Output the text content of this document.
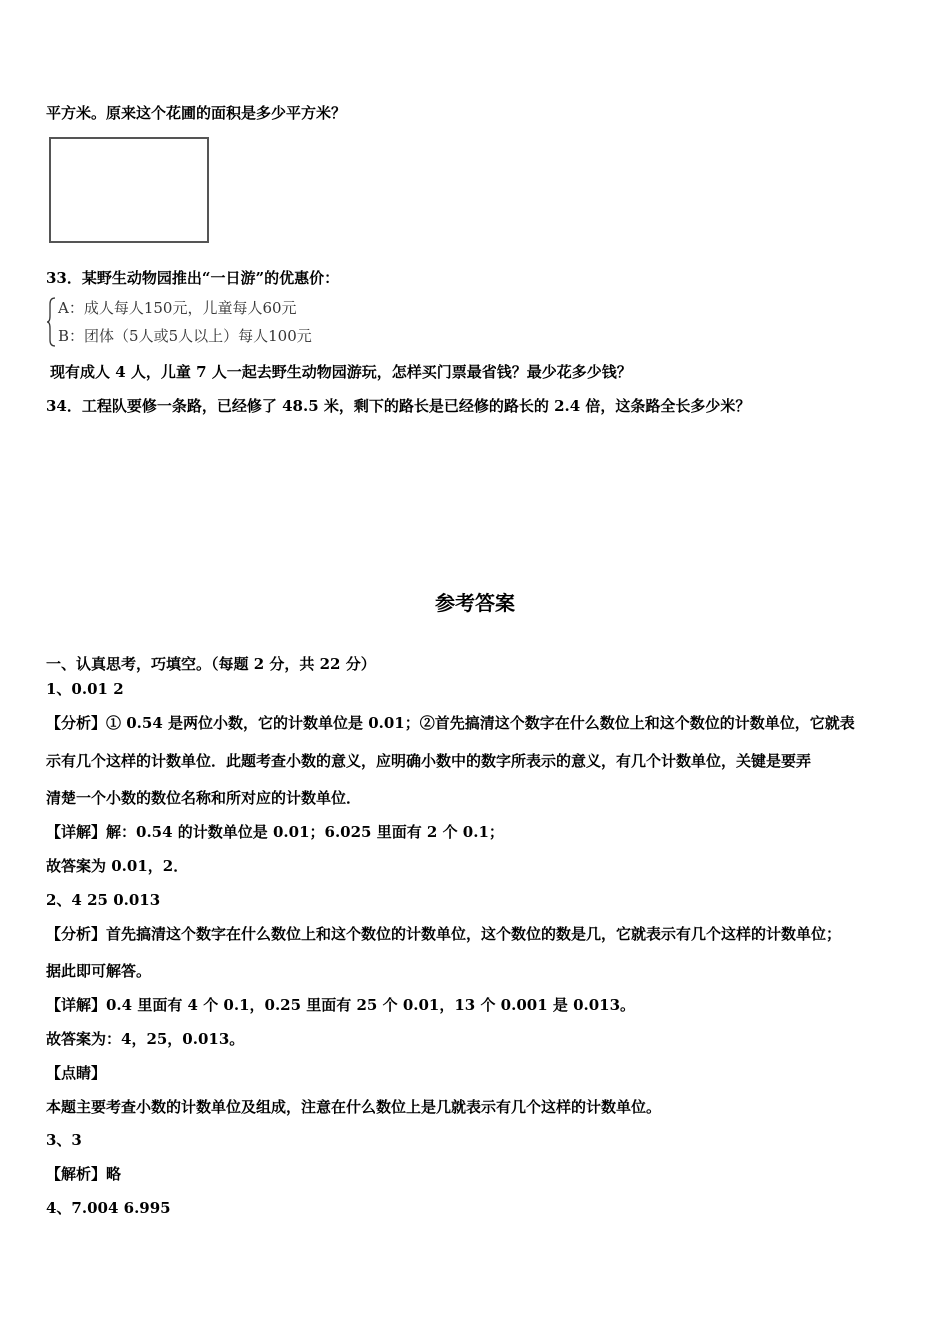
平方米。原来这个花圃的面积是多少平方米？
33．某野生动物园推出“一日游”的优惠价：
A：成人每人150元，儿童每人60元
B：团体（5人或5人以上）每人100元
现有成人 4 人，儿童 7 人一起去野生动物园游玩，怎样买门票最省钱？最少花多少钱？
34．工程队要修一条路，已经修了 48.5 米，剩下的路长是已经修的路长的 2.4 倍，这条路全长多少米？
参考答案
一、认真思考，巧填空。（每题 2 分，共 22 分）
1、0.01 2
【分析】① 0.54 是两位小数，它的计数单位是 0.01；②首先搞清这个数字在什么数位上和这个数位的计数单位，它就表
示有几个这样的计数单位．此题考查小数的意义，应明确小数中的数字所表示的意义，有几个计数单位，关键是要弄
清楚一个小数的数位名称和所对应的计数单位．
【详解】解：0.54 的计数单位是 0.01；6.025 里面有 2 个 0.1；
故答案为 0.01，2．
2、4 25 0.013
【分析】首先搞清这个数字在什么数位上和这个数位的计数单位，这个数位的数是几，它就表示有几个这样的计数单位；
据此即可解答。
【详解】0.4 里面有 4 个 0.1，0.25 里面有 25 个 0.01，13 个 0.001 是 0.013。
故答案为：4，25，0.013。
【点睛】
本题主要考查小数的计数单位及组成，注意在什么数位上是几就表示有几个这样的计数单位。
3、3
【解析】略
4、7.004 6.995
